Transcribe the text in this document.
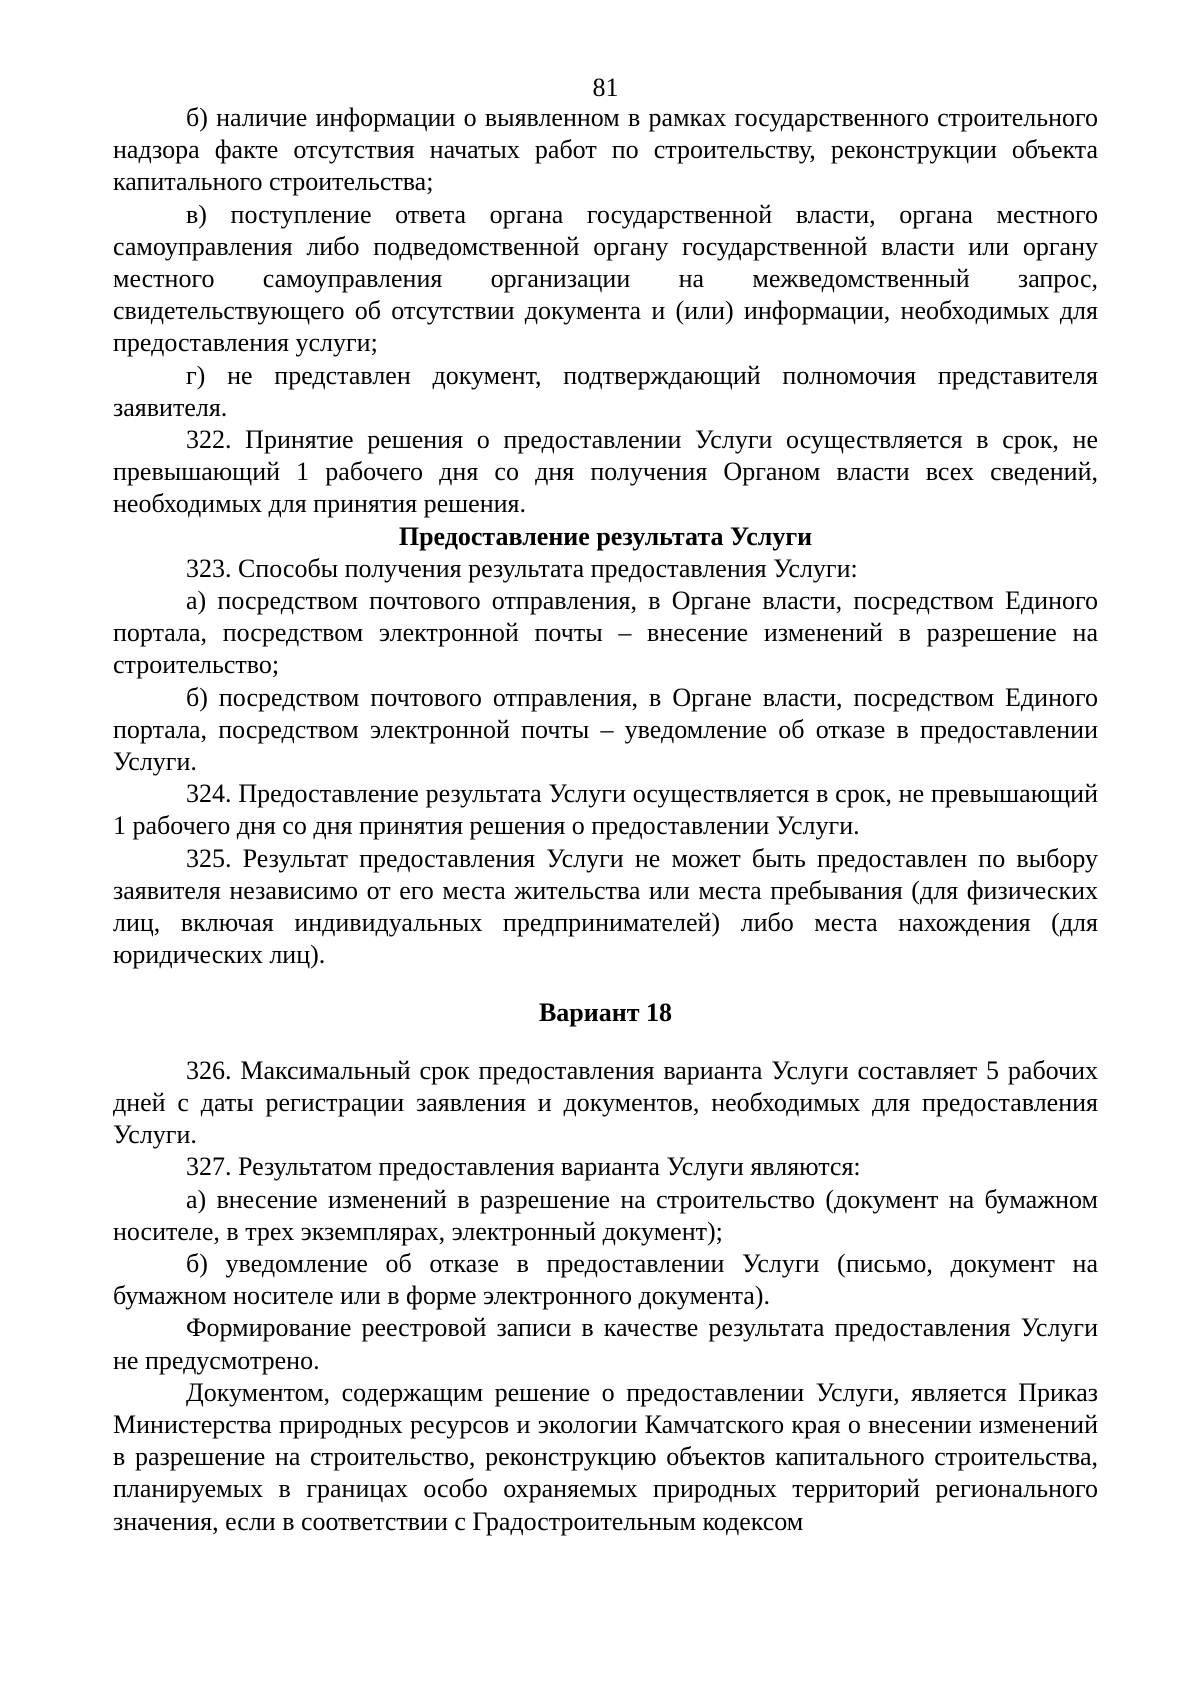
81

б) наличие информации о выявленном в рамках государственного строительного надзора факте отсутствия начатых работ по строительству, реконструкции объекта капитального строительства;

в) поступление ответа органа государственной власти, органа местного самоуправления либо подведомственной органу государственной власти или органу местного самоуправления организации на межведомственный запрос, свидетельствующего об отсутствии документа и (или) информации, необходимых для предоставления услуги;

г) не представлен документ, подтверждающий полномочия представителя заявителя.

322. Принятие решения о предоставлении Услуги осуществляется в срок, не превышающий 1 рабочего дня со дня получения Органом власти всех сведений, необходимых для принятия решения.

Предоставление результата Услуги

323. Способы получения результата предоставления Услуги:

а) посредством почтового отправления, в Органе власти, посредством Единого портала, посредством электронной почты – внесение изменений в разрешение на строительство;

б) посредством почтового отправления, в Органе власти, посредством Единого портала, посредством электронной почты – уведомление об отказе в предоставлении Услуги.

324. Предоставление результата Услуги осуществляется в срок, не превышающий 1 рабочего дня со дня принятия решения о предоставлении Услуги.

325. Результат предоставления Услуги не может быть предоставлен по выбору заявителя независимо от его места жительства или места пребывания (для физических лиц, включая индивидуальных предпринимателей) либо места нахождения (для юридических лиц).

Вариант 18

326. Максимальный срок предоставления варианта Услуги составляет 5 рабочих дней с даты регистрации заявления и документов, необходимых для предоставления Услуги.

327. Результатом предоставления варианта Услуги являются:

а) внесение изменений в разрешение на строительство (документ на бумажном носителе, в трех экземплярах, электронный документ);

б) уведомление об отказе в предоставлении Услуги (письмо, документ на бумажном носителе или в форме электронного документа).

Формирование реестровой записи в качестве результата предоставления Услуги не предусмотрено.

Документом, содержащим решение о предоставлении Услуги, является Приказ Министерства природных ресурсов и экологии Камчатского края о внесении изменений в разрешение на строительство, реконструкцию объектов капитального строительства, планируемых в границах особо охраняемых природных территорий регионального значения, если в соответствии с Градостроительным кодексом
